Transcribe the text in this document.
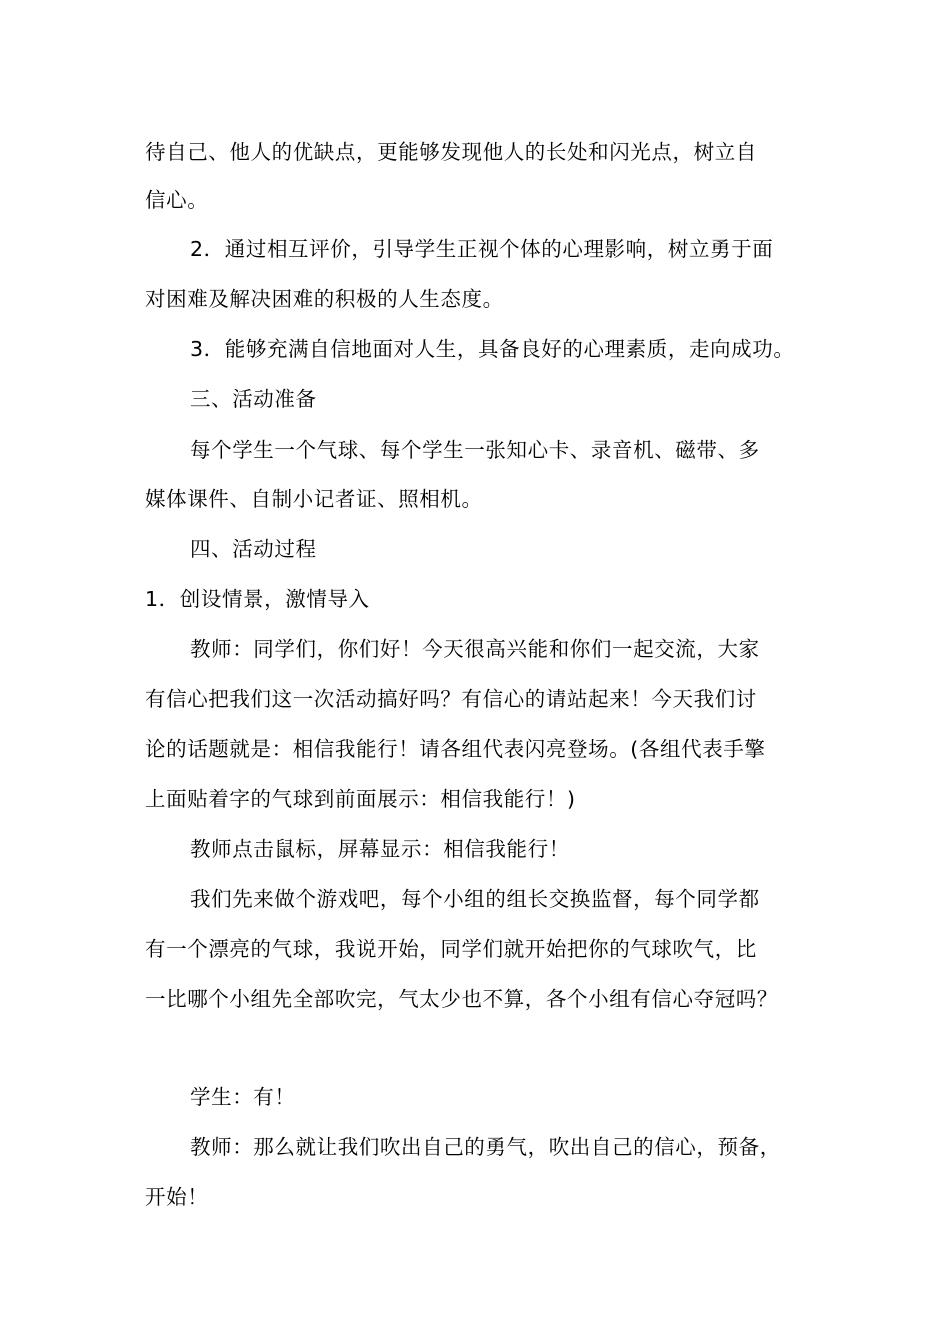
待自己、他人的优缺点，更能够发现他人的长处和闪光点，树立自
信心。
2．通过相互评价，引导学生正视个体的心理影响，树立勇于面
对困难及解决困难的积极的人生态度。
3．能够充满自信地面对人生，具备良好的心理素质，走向成功。
三、活动准备
每个学生一个气球、每个学生一张知心卡、录音机、磁带、多
媒体课件、自制小记者证、照相机。
四、活动过程
1．创设情景，激情导入
教师：同学们，你们好！今天很高兴能和你们一起交流，大家
有信心把我们这一次活动搞好吗？有信心的请站起来！今天我们讨
论的话题就是：相信我能行！请各组代表闪亮登场。(各组代表手擎
上面贴着字的气球到前面展示：相信我能行！)
教师点击鼠标，屏幕显示：相信我能行！
我们先来做个游戏吧，每个小组的组长交换监督，每个同学都
有一个漂亮的气球，我说开始，同学们就开始把你的气球吹气，比
一比哪个小组先全部吹完，气太少也不算，各个小组有信心夺冠吗？
学生：有！
教师：那么就让我们吹出自己的勇气，吹出自己的信心，预备，
开始！
